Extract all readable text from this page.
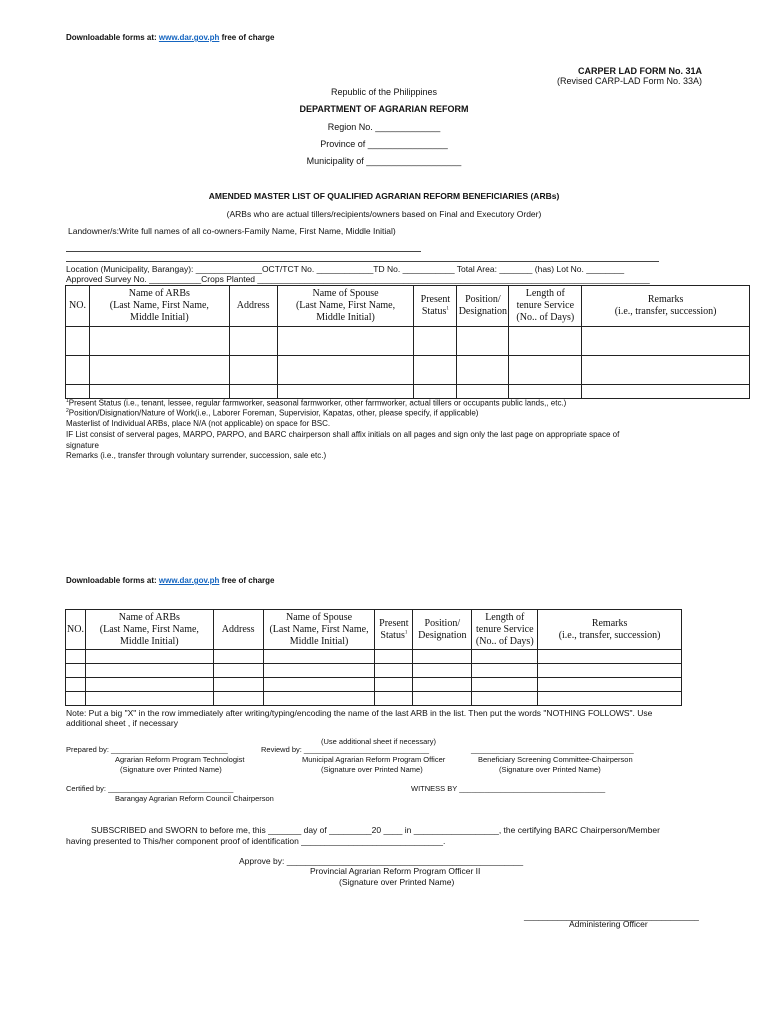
Downloadable forms at: www.dar.gov.ph free of charge
CARPER LAD FORM No. 31A
(Revised CARP-LAD Form No. 33A)
Republic of the Philippines
DEPARTMENT OF AGRARIAN REFORM
Region No. _____________
Province of ________________
Municipality of ___________________
AMENDED MASTER LIST OF QUALIFIED AGRARIAN REFORM BENEFICIARIES (ARBs)
(ARBs who are actual tillers/recipients/owners based on Final and Executory Order)
Landowner/s:Write full names of all co-owners-Family Name, First Name, Middle Initial)
Location (Municipality, Barangay): ______________OCT/TCT No. ____________TD No. ___________ Total Area: _______ (has) Lot No. ________
Approved Survey No. ___________Crops Planted ___________________________________________________________________________________
NO.	Name of ARBs
(Last Name, First Name,
Middle Initial)	Address	Name of Spouse
(Last Name, First Name,
Middle Initial)	Present
Status$^1$	Position/
Designation	Length of
tenure Service
(No.. of Days)	Remarks
(i.e., transfer, succession)

$^1$Present Status (i.e., tenant, lessee, regular farmworker, seasonal farmworker, other farmworker, actual tillers or occupants public lands,, etc.)
$^2$Position/Disignation/Nature of Work(i.e., Laborer Foreman, Supervisior, Kapatas, other, please specify, if applicable)
Masterlist of Individual ARBs, place N/A (not applicable) on space for BSC.
IF List consist of serveral pages, MARPO, PARPO, and BARC chairperson shall affix initials on all pages and sign only the last page on appropriate space of
signature
Remarks (i.e., transfer through voluntary surrender, succession, sale etc.)
Downloadable forms at: www.dar.gov.ph free of charge
NO.	Name of ARBs
(Last Name, First Name,
Middle Initial)	Address	Name of Spouse
(Last Name, First Name,
Middle Initial)	Present
Status$^1$	Position/
Designation	Length of
tenure Service
(No.. of Days)	Remarks
(i.e., transfer, succession)

Note: Put a big "X" in the row immediately after writing/typing/encoding the name of the last ARB in the list. Then put the words "NOTHING FOLLOWS". Use
additional sheet , if necessary
(Use additional sheet if necessary)
Prepared by: ____________________________	Reviewd by: ______________________________	_______________________________________
Agrarian Reform Program Technologist	Municipal Agrarian Reform Program Officer	Beneficiary Screening Committee-Chairperson
(Signature over Printed Name)	(Signature over Printed Name)	(Signature over Printed Name)
Certified by: ______________________________	WITNESS BY ___________________________________
Barangay Agrarian Reform Council Chairperson
SUBSCRIBED and SWORN to before me, this _______ day of _________20 ____ in __________________, the certifying BARC Chairperson/Member
having presented to This/her component proof of identification ______________________________.
Approve by: __________________________________________________
Provincial Agrarian Reform Program Officer II
(Signature over Printed Name)
_____________________________________
Administering Officer
